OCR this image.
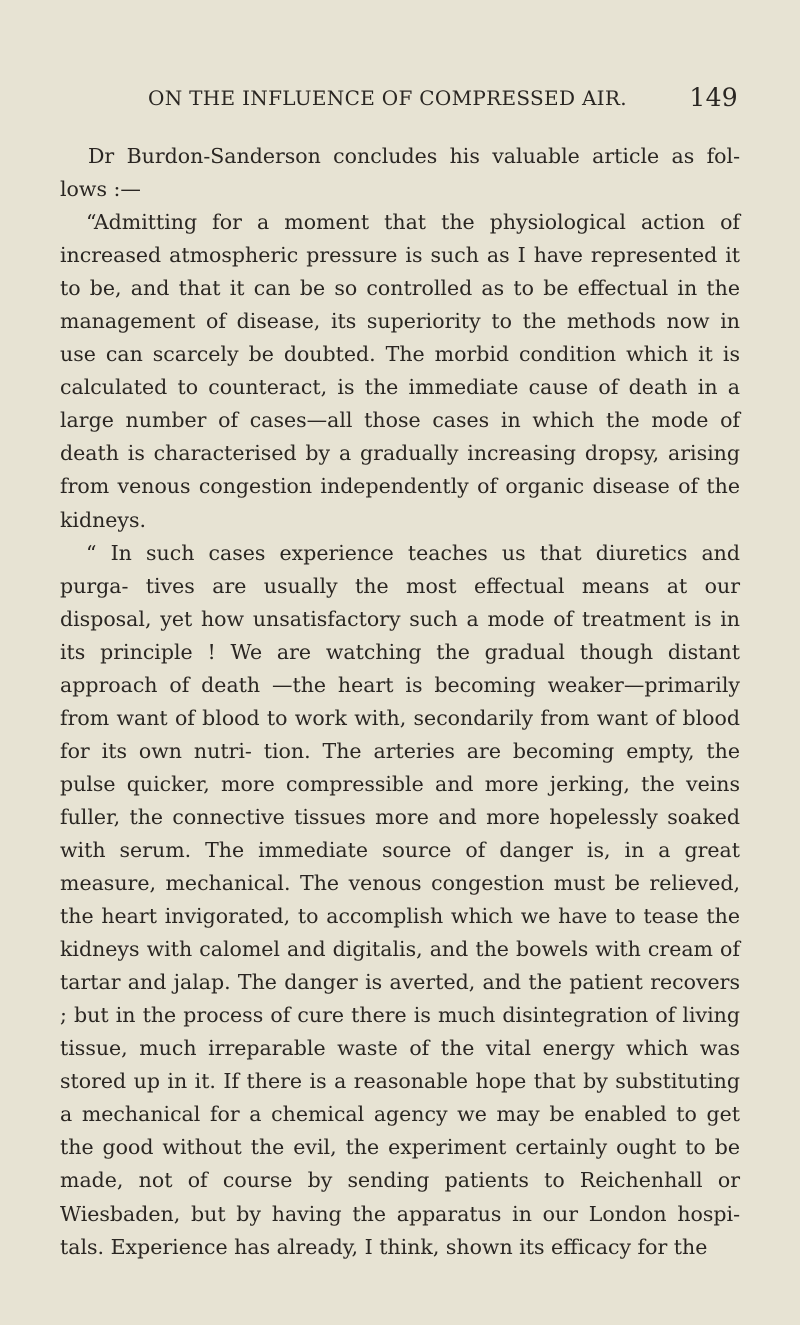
ON THE INFLUENCE OF COMPRESSED AIR. 149

Dr Burdon-Sanderson concludes his valuable article as fol- lows :—

“Admitting for a moment that the physiological action of increased atmospheric pressure is such as I have represented it to be, and that it can be so controlled as to be effectual in the management of disease, its superiority to the methods now in use can scarcely be doubted. The morbid condition which it is calculated to counteract, is the immediate cause of death in a large number of cases—all those cases in which the mode of death is characterised by a gradually increasing dropsy, arising from venous congestion independently of organic disease of the kidneys.

“ In such cases experience teaches us that diuretics and purga- tives are usually the most effectual means at our disposal, yet how unsatisfactory such a mode of treatment is in its principle ! We are watching the gradual though distant approach of death —the heart is becoming weaker—primarily from want of blood to work with, secondarily from want of blood for its own nutri- tion. The arteries are becoming empty, the pulse quicker, more compressible and more jerking, the veins fuller, the connective tissues more and more hopelessly soaked with serum. The immediate source of danger is, in a great measure, mechanical. The venous congestion must be relieved, the heart invigorated, to accomplish which we have to tease the kidneys with calomel and digitalis, and the bowels with cream of tartar and jalap. The danger is averted, and the patient recovers ; but in the process of cure there is much disintegration of living tissue, much irreparable waste of the vital energy which was stored up in it. If there is a reasonable hope that by substituting a mechanical for a chemical agency we may be enabled to get the good without the evil, the experiment certainly ought to be made, not of course by sending patients to Reichenhall or Wiesbaden, but by having the apparatus in our London hospi- tals. Experience has already, I think, shown its efficacy for the
